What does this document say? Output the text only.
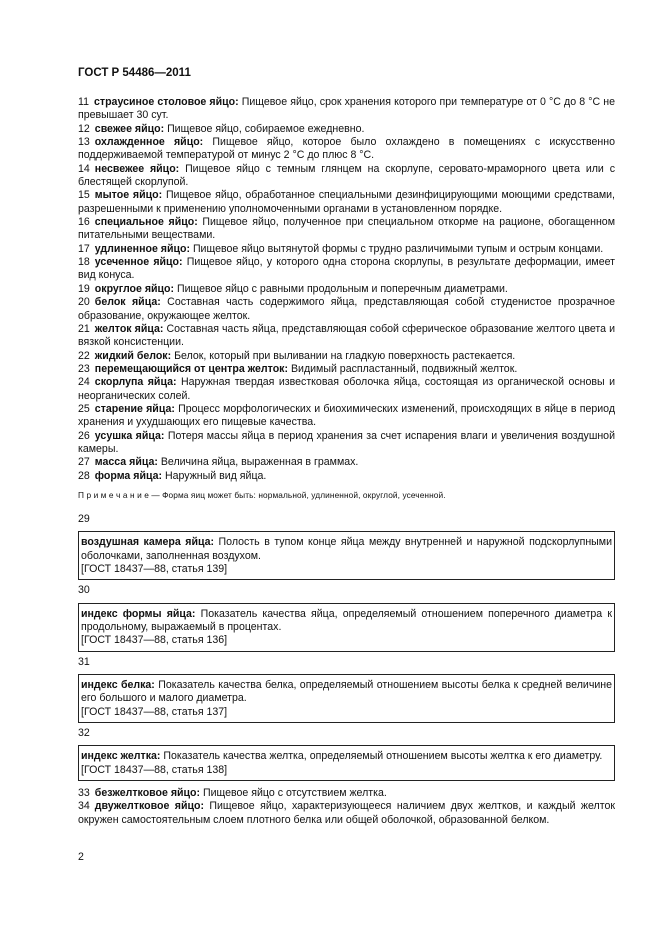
ГОСТ Р 54486—2011

11 страусиное столовое яйцо: Пищевое яйцо, срок хранения которого при температуре от 0 °С до 8 °С не превышает 30 сут.

12 свежее яйцо: Пищевое яйцо, собираемое ежедневно.

13 охлажденное яйцо: Пищевое яйцо, которое было охлаждено в помещениях с искусственно поддерживаемой температурой от минус 2 °С до плюс 8 °С.

14 несвежее яйцо: Пищевое яйцо с темным глянцем на скорлупе, серовато-мраморного цвета или с блестящей скорлупой.

15 мытое яйцо: Пищевое яйцо, обработанное специальными дезинфицирующими моющими средствами, разрешенными к применению уполномоченными органами в установленном порядке.

16 специальное яйцо: Пищевое яйцо, полученное при специальном откорме на рационе, обогащенном питательными веществами.

17 удлиненное яйцо: Пищевое яйцо вытянутой формы с трудно различимыми тупым и острым концами.

18 усеченное яйцо: Пищевое яйцо, у которого одна сторона скорлупы, в результате деформации, имеет вид конуса.

19 округлое яйцо: Пищевое яйцо с равными продольным и поперечным диаметрами.

20 белок яйца: Составная часть содержимого яйца, представляющая собой студенистое прозрачное образование, окружающее желток.

21 желток яйца: Составная часть яйца, представляющая собой сферическое образование желтого цвета и вязкой консистенции.

22 жидкий белок: Белок, который при выливании на гладкую поверхность растекается.

23 перемещающийся от центра желток: Видимый распластанный, подвижный желток.

24 скорлупа яйца: Наружная твердая известковая оболочка яйца, состоящая из органической основы и неорганических солей.

25 старение яйца: Процесс морфологических и биохимических изменений, происходящих в яйце в период хранения и ухудшающих его пищевые качества.

26 усушка яйца: Потеря массы яйца в период хранения за счет испарения влаги и увеличения воздушной камеры.

27 масса яйца: Величина яйца, выраженная в граммах.

28 форма яйца: Наружный вид яйца.

П р и м е ч а н и е — Форма яиц может быть: нормальной, удлиненной, округлой, усеченной.
29

воздушная камера яйца: Полость в тупом конце яйца между внутренней и наружной подскорлупными оболочками, заполненная воздухом.

[ГОСТ 18437—88, статья 139]

30

индекс формы яйца: Показатель качества яйца, определяемый отношением поперечного диаметра к продольному, выражаемый в процентах.

[ГОСТ 18437—88, статья 136]

31

индекс белка: Показатель качества белка, определяемый отношением высоты белка к средней величине его большого и малого диаметра.

[ГОСТ 18437—88, статья 137]

32

индекс желтка: Показатель качества желтка, определяемый отношением высоты желтка к его диаметру.

[ГОСТ 18437—88, статья 138]

33 безжелтковое яйцо: Пищевое яйцо с отсутствием желтка.

34 двужелтковое яйцо: Пищевое яйцо, характеризующееся наличием двух желтков, и каждый желток окружен самостоятельным слоем плотного белка или общей оболочкой, образованной белком.

2
